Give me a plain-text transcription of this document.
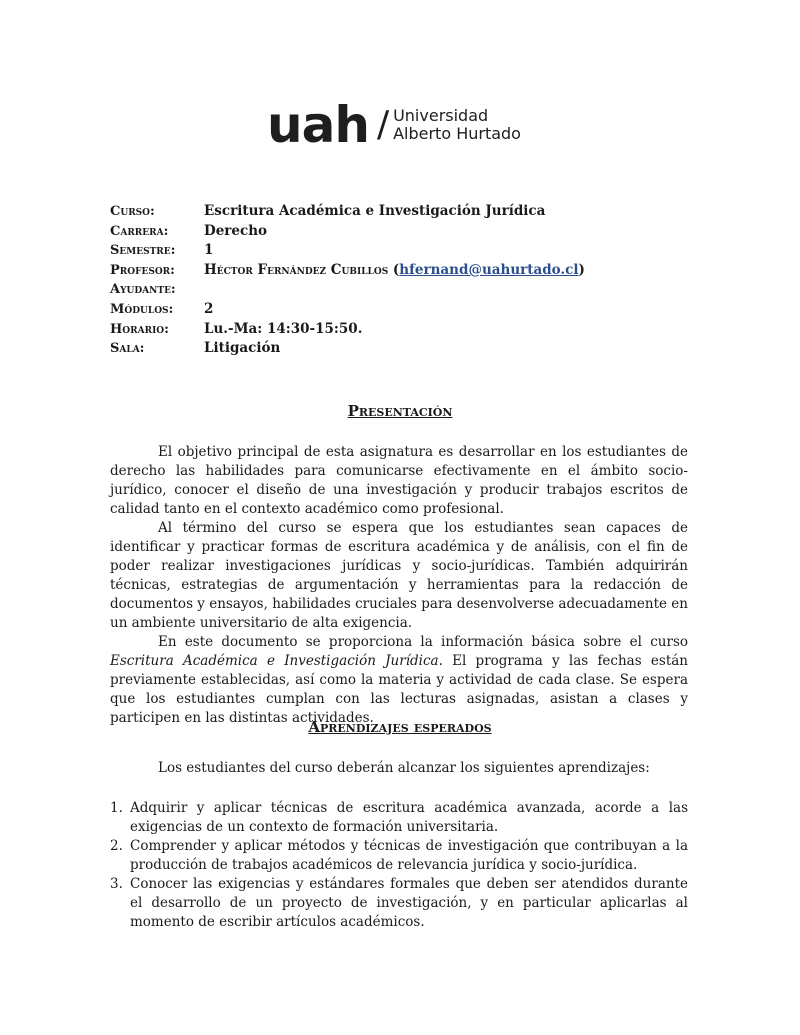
uah / Universidad
Alberto Hurtado
Curso:	Escritura Académica e Investigación Jurídica
Carrera:	Derecho
Semestre:	1
Profesor:	Héctor Fernández Cubillos (hfernand@uahurtado.cl)
Ayudante:
Módulos:	2
Horario:	Lu.-Ma: 14:30-15:50.
Sala:	Litigación
Presentación

El objetivo principal de esta asignatura es desarrollar en los estudiantes de derecho las habilidades para comunicarse efectivamente en el ámbito socio-jurídico, conocer el diseño de una investigación y producir trabajos escritos de calidad tanto en el contexto académico como profesional.

Al término del curso se espera que los estudiantes sean capaces de identificar y practicar formas de escritura académica y de análisis, con el fin de poder realizar investigaciones jurídicas y socio-jurídicas. También adquirirán técnicas, estrategias de argumentación y herramientas para la redacción de documentos y ensayos, habilidades cruciales para desenvolverse adecuadamente en un ambiente universitario de alta exigencia.

En este documento se proporciona la información básica sobre el curso Escritura Académica e Investigación Jurídica. El programa y las fechas están previamente establecidas, así como la materia y actividad de cada clase. Se espera que los estudiantes cumplan con las lecturas asignadas, asistan a clases y participen en las distintas actividades.

Aprendizajes esperados

Los estudiantes del curso deberán alcanzar los siguientes aprendizajes:

1. Adquirir y aplicar técnicas de escritura académica avanzada, acorde a las exigencias de un contexto de formación universitaria.
2. Comprender y aplicar métodos y técnicas de investigación que contribuyan a la producción de trabajos académicos de relevancia jurídica y socio-jurídica.
3. Conocer las exigencias y estándares formales que deben ser atendidos durante el desarrollo de un proyecto de investigación, y en particular aplicarlas al momento de escribir artículos académicos.
